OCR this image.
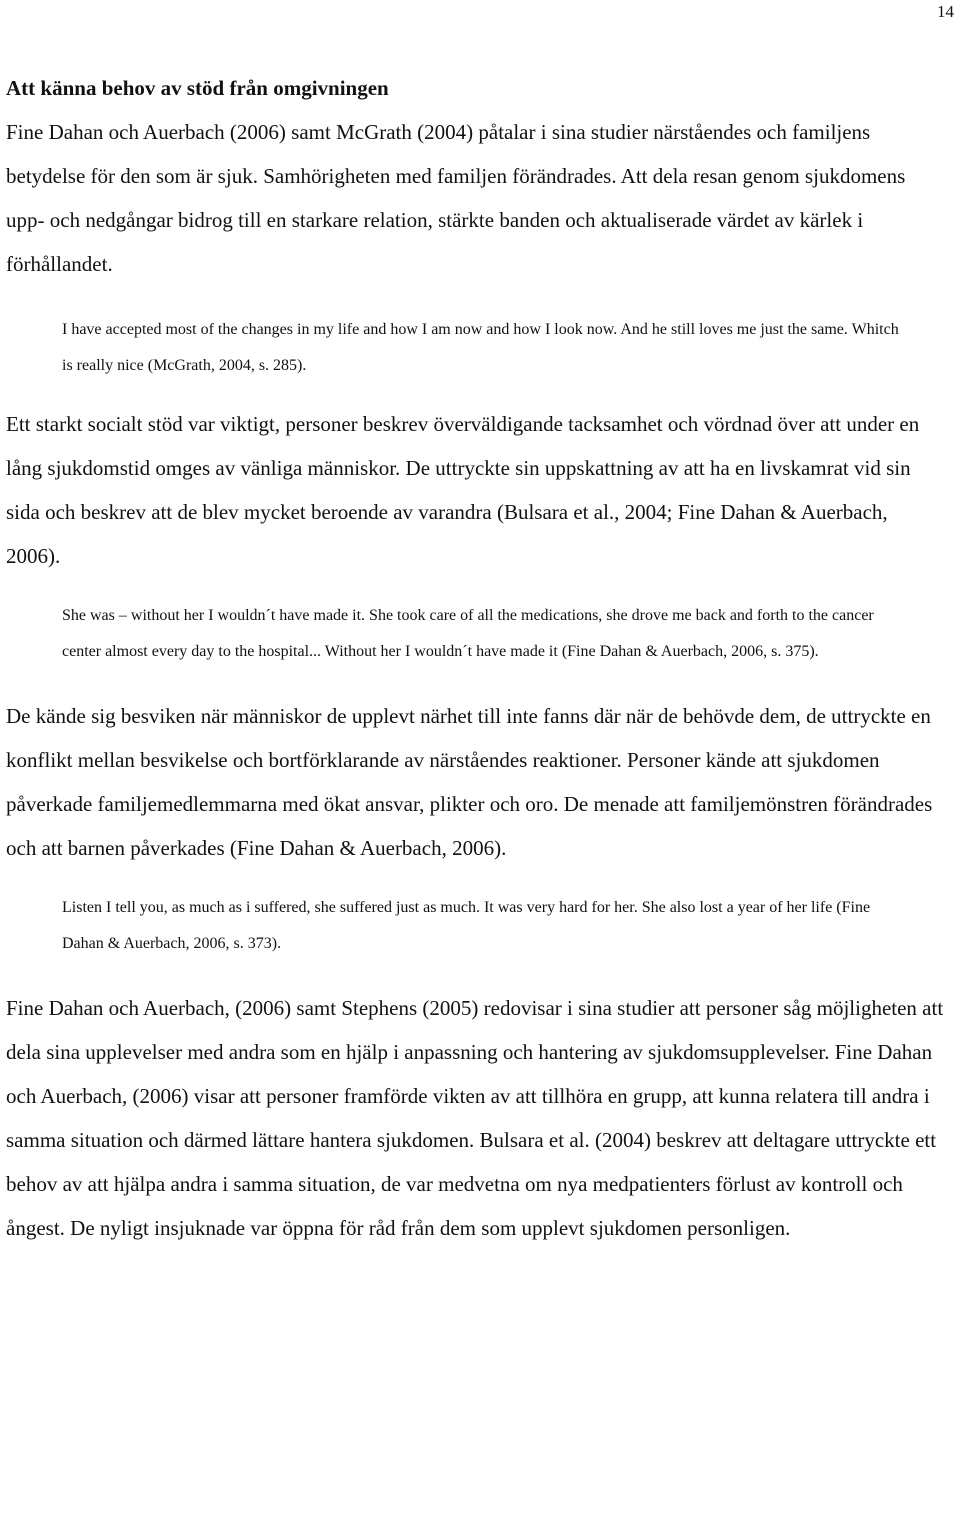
14
Att känna behov av stöd från omgivningen

Fine Dahan och Auerbach (2006) samt McGrath (2004) påtalar i sina studier närståendes och familjens betydelse för den som är sjuk. Samhörigheten med familjen förändrades. Att dela resan genom sjukdomens upp- och nedgångar bidrog till en starkare relation, stärkte banden och aktualiserade värdet av kärlek i förhållandet.

I have accepted most of the changes in my life and how I am now and how I look now. And he still loves me just the same. Whitch is really nice (McGrath, 2004, s. 285).

Ett starkt socialt stöd var viktigt, personer beskrev överväldigande tacksamhet och vördnad över att under en lång sjukdomstid omges av vänliga människor. De uttryckte sin uppskattning av att ha en livskamrat vid sin sida och beskrev att de blev mycket beroende av varandra (Bulsara et al., 2004; Fine Dahan & Auerbach, 2006).

She was – without her I wouldn´t have made it. She took care of all the medications, she drove me back and forth to the cancer center almost every day to the hospital... Without her I wouldn´t have made it (Fine Dahan & Auerbach, 2006, s. 375).

De kände sig besviken när människor de upplevt närhet till inte fanns där när de behövde dem, de uttryckte en konflikt mellan besvikelse och bortförklarande av närståendes reaktioner. Personer kände att sjukdomen påverkade familjemedlemmarna med ökat ansvar, plikter och oro. De menade att familjemönstren förändrades och att barnen påverkades (Fine Dahan & Auerbach, 2006).

Listen I tell you, as much as i suffered, she suffered just as much. It was very hard for her. She also lost a year of her life (Fine Dahan & Auerbach, 2006, s. 373).

Fine Dahan och Auerbach, (2006) samt Stephens (2005) redovisar i sina studier att personer såg möjligheten att dela sina upplevelser med andra som en hjälp i anpassning och hantering av sjukdomsupplevelser. Fine Dahan och Auerbach, (2006) visar att personer framförde vikten av att tillhöra en grupp, att kunna relatera till andra i samma situation och därmed lättare hantera sjukdomen. Bulsara et al. (2004) beskrev att deltagare uttryckte ett behov av att hjälpa andra i samma situation, de var medvetna om nya medpatienters förlust av kontroll och ångest. De nyligt insjuknade var öppna för råd från dem som upplevt sjukdomen personligen.
